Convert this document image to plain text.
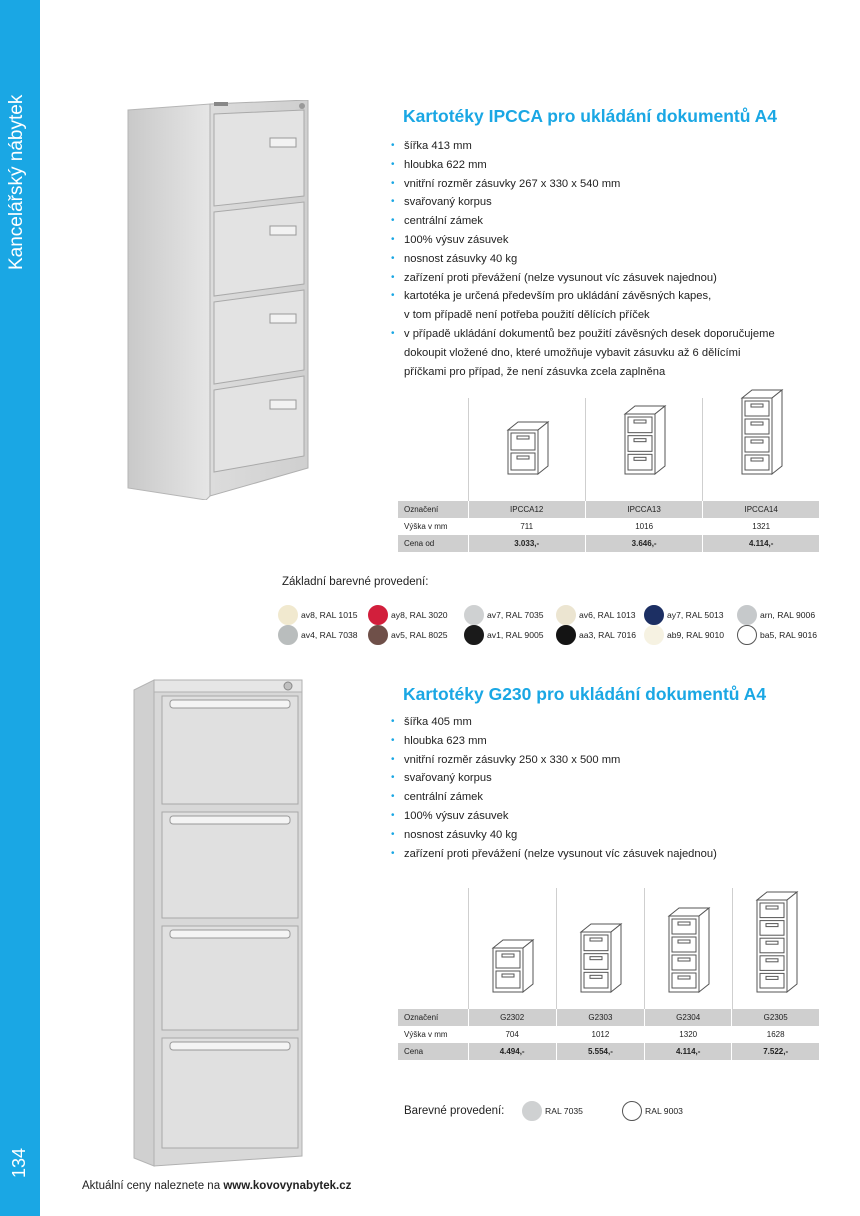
Kancelářský nábytek
134
Kartotéky IPCCA pro ukládání dokumentů A4
• šířka 413 mm
• hloubka 622 mm
• vnitřní rozměr zásuvky 267 x 330 x 540 mm
• svařovaný korpus
• centrální zámek
• 100% výsuv zásuvek
• nosnost zásuvky 40 kg
• zařízení proti převážení (nelze vysunout víc zásuvek najednou)
• kartotéka je určená především pro ukládání závěsných kapes,
v tom případě není potřeba použití dělících příček
• v případě ukládání dokumentů bez použití závěsných desek doporučujeme
dokoupit vložené dno, které umožňuje vybavit zásuvku až 6 dělícími
příčkami pro případ, že není zásuvka zcela zaplněna
Označení	IPCCA12	IPCCA13	IPCCA14
Výška v mm	711	1016	1321
Cena od	3.033,-	3.646,-	4.114,-
Základní barevné provedení:
av8, RAL 1015	ay8, RAL 3020	av7, RAL 7035	av6, RAL 1013	ay7, RAL 5013	arn, RAL 9006
av4, RAL 7038	av5, RAL 8025	av1, RAL 9005	aa3, RAL 7016	ab9, RAL 9010	ba5, RAL 9016
Kartotéky G230 pro ukládání dokumentů A4
• šířka 405 mm
• hloubka 623 mm
• vnitřní rozměr zásuvky 250 x 330 x 500 mm
• svařovaný korpus
• centrální zámek
• 100% výsuv zásuvek
• nosnost zásuvky 40 kg
• zařízení proti převážení (nelze vysunout víc zásuvek najednou)
Označení	G2302	G2303	G2304	G2305
Výška v mm	704	1012	1320	1628
Cena	4.494,-	5.554,-	4.114,-	7.522,-
Barevné provedení:	RAL 7035	RAL 9003
Aktuální ceny naleznete na www.kovovynabytek.cz
